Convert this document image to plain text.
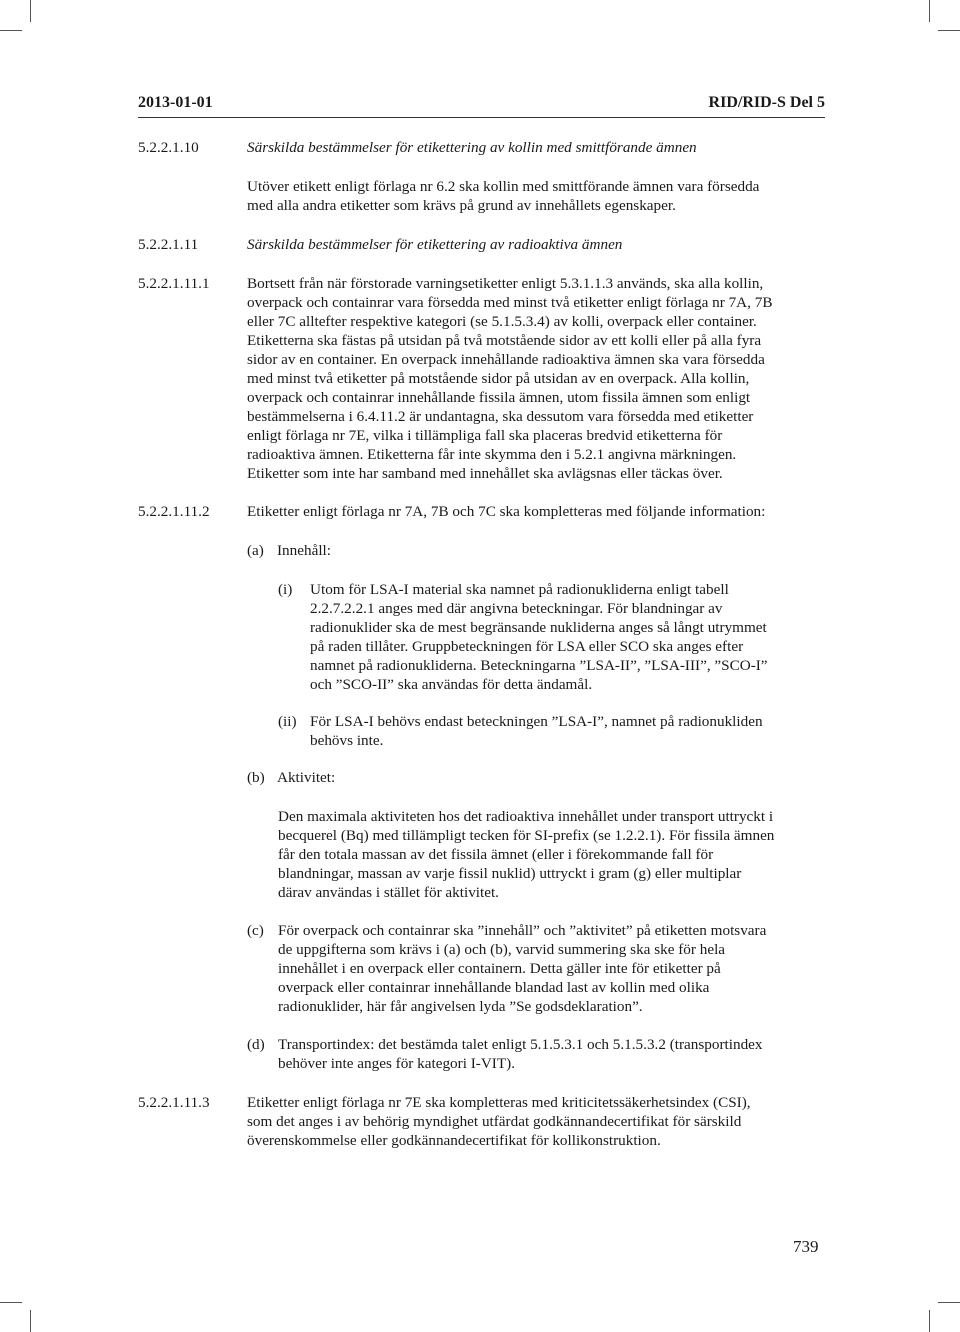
2013-01-01	RID/RID-S Del 5
5.2.2.1.10	Särskilda bestämmelser för etikettering av kollin med smittförande ämnen
Utöver etikett enligt förlaga nr 6.2 ska kollin med smittförande ämnen vara försedda
med alla andra etiketter som krävs på grund av innehållets egenskaper.
5.2.2.1.11	Särskilda bestämmelser för etikettering av radioaktiva ämnen
5.2.2.1.11.1 Bortsett från när förstorade varningsetiketter enligt 5.3.1.1.3 används, ska alla kollin,
overpack och containrar vara försedda med minst två etiketter enligt förlaga nr 7A, 7B
eller 7C alltefter respektive kategori (se 5.1.5.3.4) av kolli, overpack eller container.
Etiketterna ska fästas på utsidan på två motstående sidor av ett kolli eller på alla fyra
sidor av en container. En overpack innehållande radioaktiva ämnen ska vara försedda
med minst två etiketter på motstående sidor på utsidan av en overpack. Alla kollin,
overpack och containrar innehållande fissila ämnen, utom fissila ämnen som enligt
bestämmelserna i 6.4.11.2 är undantagna, ska dessutom vara försedda med etiketter
enligt förlaga nr 7E, vilka i tillämpliga fall ska placeras bredvid etiketterna för
radioaktiva ämnen. Etiketterna får inte skymma den i 5.2.1 angivna märkningen.
Etiketter som inte har samband med innehållet ska avlägsnas eller täckas över.
5.2.2.1.11.2 Etiketter enligt förlaga nr 7A, 7B och 7C ska kompletteras med följande information:
(a) Innehåll:
(i) Utom för LSA-I material ska namnet på radionukliderna enligt tabell
2.2.7.2.2.1 anges med där angivna beteckningar. För blandningar av
radionuklider ska de mest begränsande nukliderna anges så långt utrymmet
på raden tillåter. Gruppbeteckningen för LSA eller SCO ska anges efter
namnet på radionukliderna. Beteckningarna ”LSA-II”, ”LSA-III”, ”SCO-I”
och ”SCO-II” ska användas för detta ändamål.
(ii) För LSA-I behövs endast beteckningen ”LSA-I”, namnet på radionukliden
behövs inte.
(b) Aktivitet:
Den maximala aktiviteten hos det radioaktiva innehållet under transport uttryckt i
becquerel (Bq) med tillämpligt tecken för SI-prefix (se 1.2.2.1). För fissila ämnen
får den totala massan av det fissila ämnet (eller i förekommande fall för
blandningar, massan av varje fissil nuklid) uttryckt i gram (g) eller multiplar
därav användas i stället för aktivitet.
(c) För overpack och containrar ska ”innehåll” och ”aktivitet” på etiketten motsvara
de uppgifterna som krävs i (a) och (b), varvid summering ska ske för hela
innehållet i en overpack eller containern. Detta gäller inte för etiketter på
overpack eller containrar innehållande blandad last av kollin med olika
radionuklider, här får angivelsen lyda ”Se godsdeklaration”.
(d) Transportindex: det bestämda talet enligt 5.1.5.3.1 och 5.1.5.3.2 (transportindex
behöver inte anges för kategori I-VIT).
5.2.2.1.11.3 Etiketter enligt förlaga nr 7E ska kompletteras med kriticitetssäkerhetsindex (CSI),
som det anges i av behörig myndighet utfärdat godkännandecertifikat för särskild
överenskommelse eller godkännandecertifikat för kollikonstruktion.
739
